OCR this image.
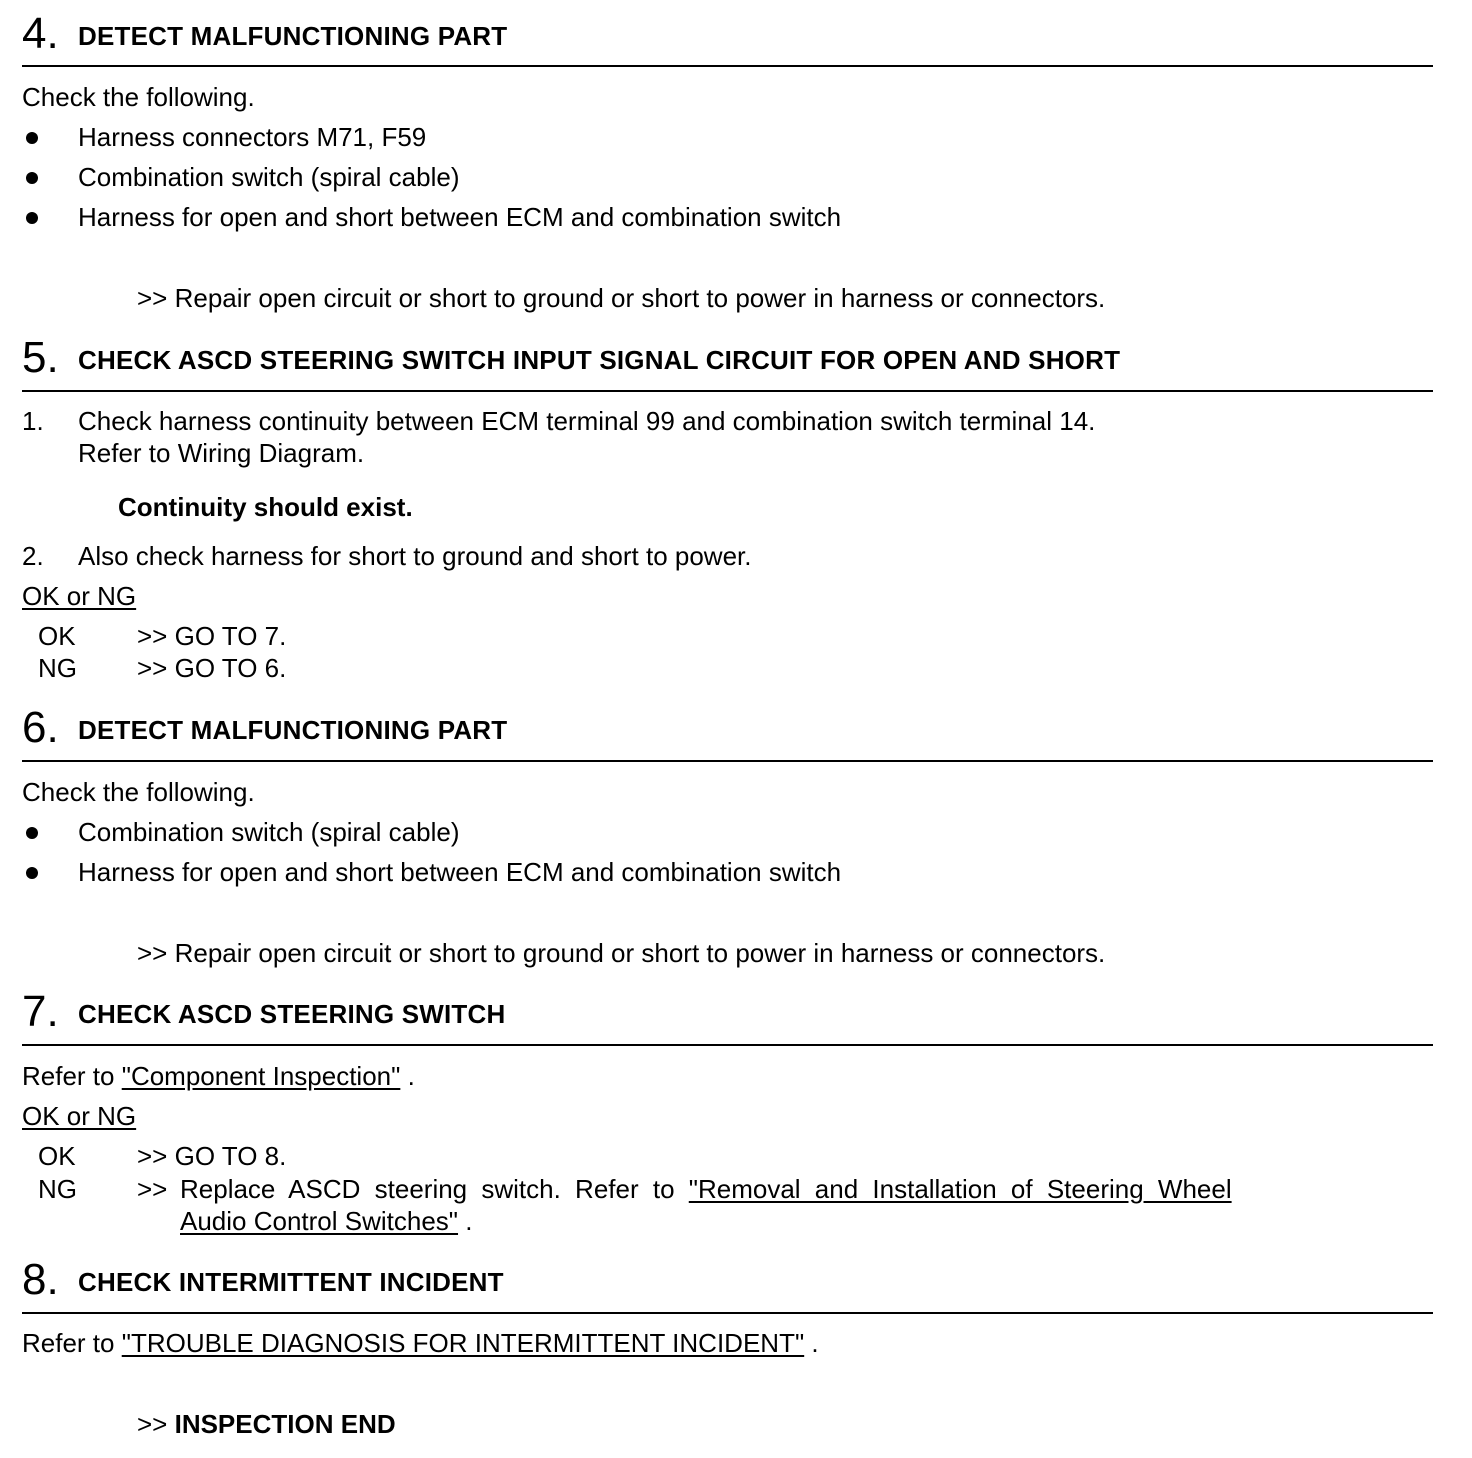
4. DETECT MALFUNCTIONING PART
Check the following.
Harness connectors M71, F59
Combination switch (spiral cable)
Harness for open and short between ECM and combination switch
>> Repair open circuit or short to ground or short to power in harness or connectors.
5. CHECK ASCD STEERING SWITCH INPUT SIGNAL CIRCUIT FOR OPEN AND SHORT
1. Check harness continuity between ECM terminal 99 and combination switch terminal 14.
Refer to Wiring Diagram.
Continuity should exist.
2. Also check harness for short to ground and short to power.
OK or NG
OK >> GO TO 7.
NG >> GO TO 6.
6. DETECT MALFUNCTIONING PART
Check the following.
Combination switch (spiral cable)
Harness for open and short between ECM and combination switch
>> Repair open circuit or short to ground or short to power in harness or connectors.
7. CHECK ASCD STEERING SWITCH
Refer to "Component Inspection" .
OK or NG
OK >> GO TO 8.
NG >> Replace ASCD steering switch. Refer to "Removal and Installation of Steering Wheel
Audio Control Switches" .
8. CHECK INTERMITTENT INCIDENT
Refer to "TROUBLE DIAGNOSIS FOR INTERMITTENT INCIDENT" .
>> INSPECTION END
